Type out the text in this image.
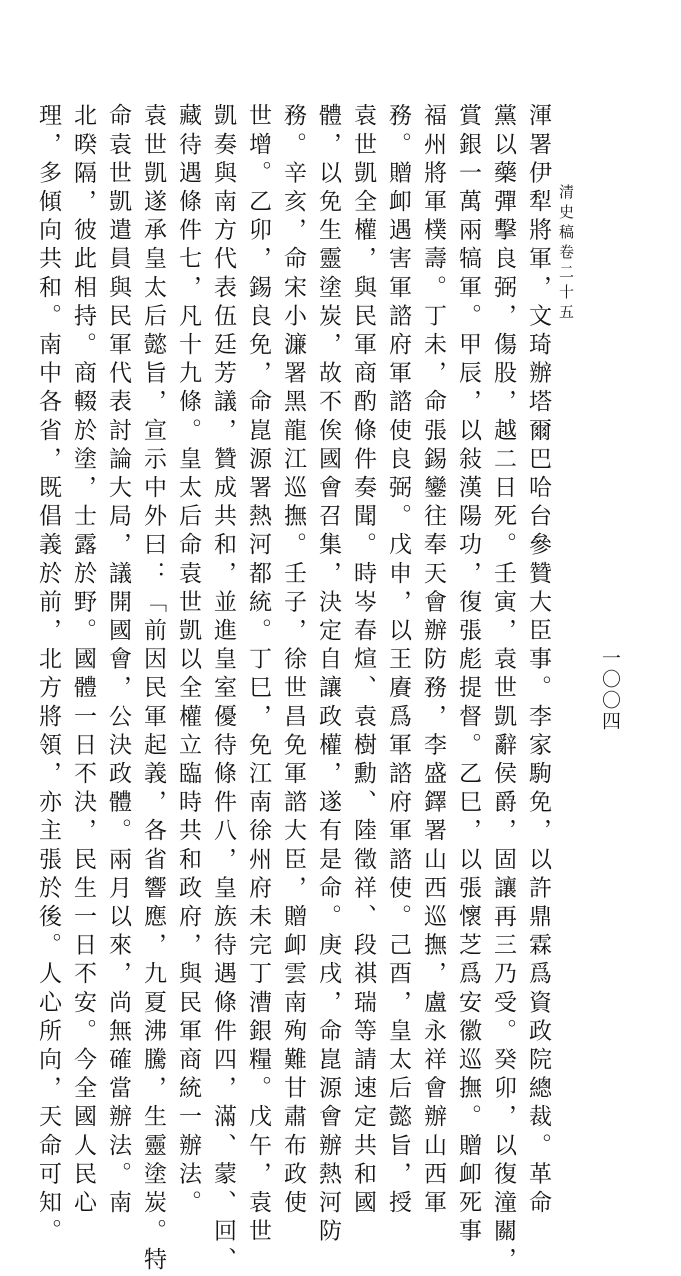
清史稿卷二十五
一〇〇四
渾署伊犁將軍，文琦辦塔爾巴哈台參贊大臣事。李家駒免，以許鼎霖爲資政院總裁。革命
黨以藥彈擊良弼，傷股，越二日死。壬寅，袁世凱辭侯爵，固讓再三乃受。癸卯，以復潼關，
賞銀一萬兩犒軍。甲辰，以敍漢陽功，復張彪提督。乙巳，以張懷芝爲安徽巡撫。贈卹死事
福州將軍樸壽。丁未，命張錫鑾往奉天會辦防務，李盛鐸署山西巡撫，盧永祥會辦山西軍
務。贈卹遇害軍諮府軍諮使良弼。戊申，以王賡爲軍諮府軍諮使。己酉，皇太后懿旨，授
袁世凱全權，與民軍商酌條件奏聞。時岑春煊、袁樹勳、陸徵祥、段祺瑞等請速定共和國
體，以免生靈塗炭，故不俟國會召集，決定自讓政權，遂有是命。庚戌，命崑源會辦熱河防
務。辛亥，命宋小濂署黑龍江巡撫。壬子，徐世昌免軍諮大臣，贈卹雲南殉難甘肅布政使
世增。乙卯，錫良免，命崑源署熱河都統。丁巳，免江南徐州府未完丁漕銀糧。戊午，袁世
凱奏與南方代表伍廷芳議，贊成共和，並進皇室優待條件八，皇族待遇條件四，滿、蒙、回、
藏待遇條件七，凡十九條。皇太后命袁世凱以全權立臨時共和政府，與民軍商統一辦法。
袁世凱遂承皇太后懿旨，宣示中外曰：「前因民軍起義，各省響應，九夏沸騰，生靈塗炭。特
命袁世凱遣員與民軍代表討論大局，議開國會，公決政體。兩月以來，尚無確當辦法。南
北暌隔，彼此相持。商輟於塗，士露於野。國體一日不決，民生一日不安。今全國人民心
理，多傾向共和。南中各省，既倡義於前，北方將領，亦主張於後。人心所向，天命可知。
